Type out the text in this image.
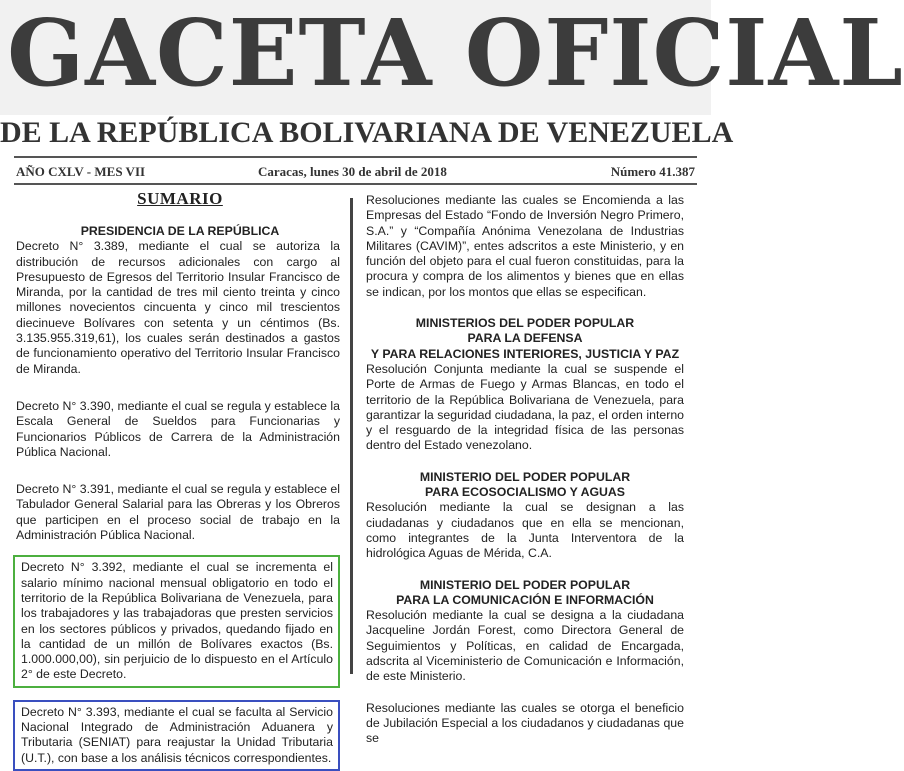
GACETA OFICIAL
DE LA REPÚBLICA BOLIVARIANA DE VENEZUELA
AÑO CXLV - MES VII	Caracas, lunes 30 de abril de 2018	Número 41.387
SUMARIO
PRESIDENCIA DE LA REPÚBLICA
Decreto N° 3.389, mediante el cual se autoriza la distribución de recursos adicionales con cargo al Presupuesto de Egresos del Territorio Insular Francisco de Miranda, por la cantidad de tres mil ciento treinta y cinco millones novecientos cincuenta y cinco mil trescientos diecinueve Bolívares con setenta y un céntimos (Bs. 3.135.955.319,61), los cuales serán destinados a gastos de funcionamiento operativo del Territorio Insular Francisco de Miranda.
Decreto N° 3.390, mediante el cual se regula y establece la Escala General de Sueldos para Funcionarias y Funcionarios Públicos de Carrera de la Administración Pública Nacional.
Decreto N° 3.391, mediante el cual se regula y establece el Tabulador General Salarial para las Obreras y los Obreros que participen en el proceso social de trabajo en la Administración Pública Nacional.
Decreto N° 3.392, mediante el cual se incrementa el salario mínimo nacional mensual obligatorio en todo el territorio de la República Bolivariana de Venezuela, para los trabajadores y las trabajadoras que presten servicios en los sectores públicos y privados, quedando fijado en la cantidad de un millón de Bolívares exactos (Bs. 1.000.000,00), sin perjuicio de lo dispuesto en el Artículo 2° de este Decreto.
Decreto N° 3.393, mediante el cual se faculta al Servicio Nacional Integrado de Administración Aduanera y Tributaria (SENIAT) para reajustar la Unidad Tributaria (U.T.), con base a los análisis técnicos correspondientes.
Resoluciones mediante las cuales se Encomienda a las Empresas del Estado “Fondo de Inversión Negro Primero, S.A.” y “Compañía Anónima Venezolana de Industrias Militares (CAVIM)”, entes adscritos a este Ministerio, y en función del objeto para el cual fueron constituidas, para la procura y compra de los alimentos y bienes que en ellas se indican, por los montos que ellas se especifican.
MINISTERIOS DEL PODER POPULAR
PARA LA DEFENSA
Y PARA RELACIONES INTERIORES, JUSTICIA Y PAZ
Resolución Conjunta mediante la cual se suspende el Porte de Armas de Fuego y Armas Blancas, en todo el territorio de la República Bolivariana de Venezuela, para garantizar la seguridad ciudadana, la paz, el orden interno y el resguardo de la integridad física de las personas dentro del Estado venezolano.
MINISTERIO DEL PODER POPULAR
PARA ECOSOCIALISMO Y AGUAS
Resolución mediante la cual se designan a las ciudadanas y ciudadanos que en ella se mencionan, como integrantes de la Junta Interventora de la hidrológica Aguas de Mérida, C.A.
MINISTERIO DEL PODER POPULAR
PARA LA COMUNICACIÓN E INFORMACIÓN
Resolución mediante la cual se designa a la ciudadana Jacqueline Jordán Forest, como Directora General de Seguimientos y Políticas, en calidad de Encargada, adscrita al Viceministerio de Comunicación e Información, de este Ministerio.
Resoluciones mediante las cuales se otorga el beneficio de Jubilación Especial a los ciudadanos y ciudadanas que se
